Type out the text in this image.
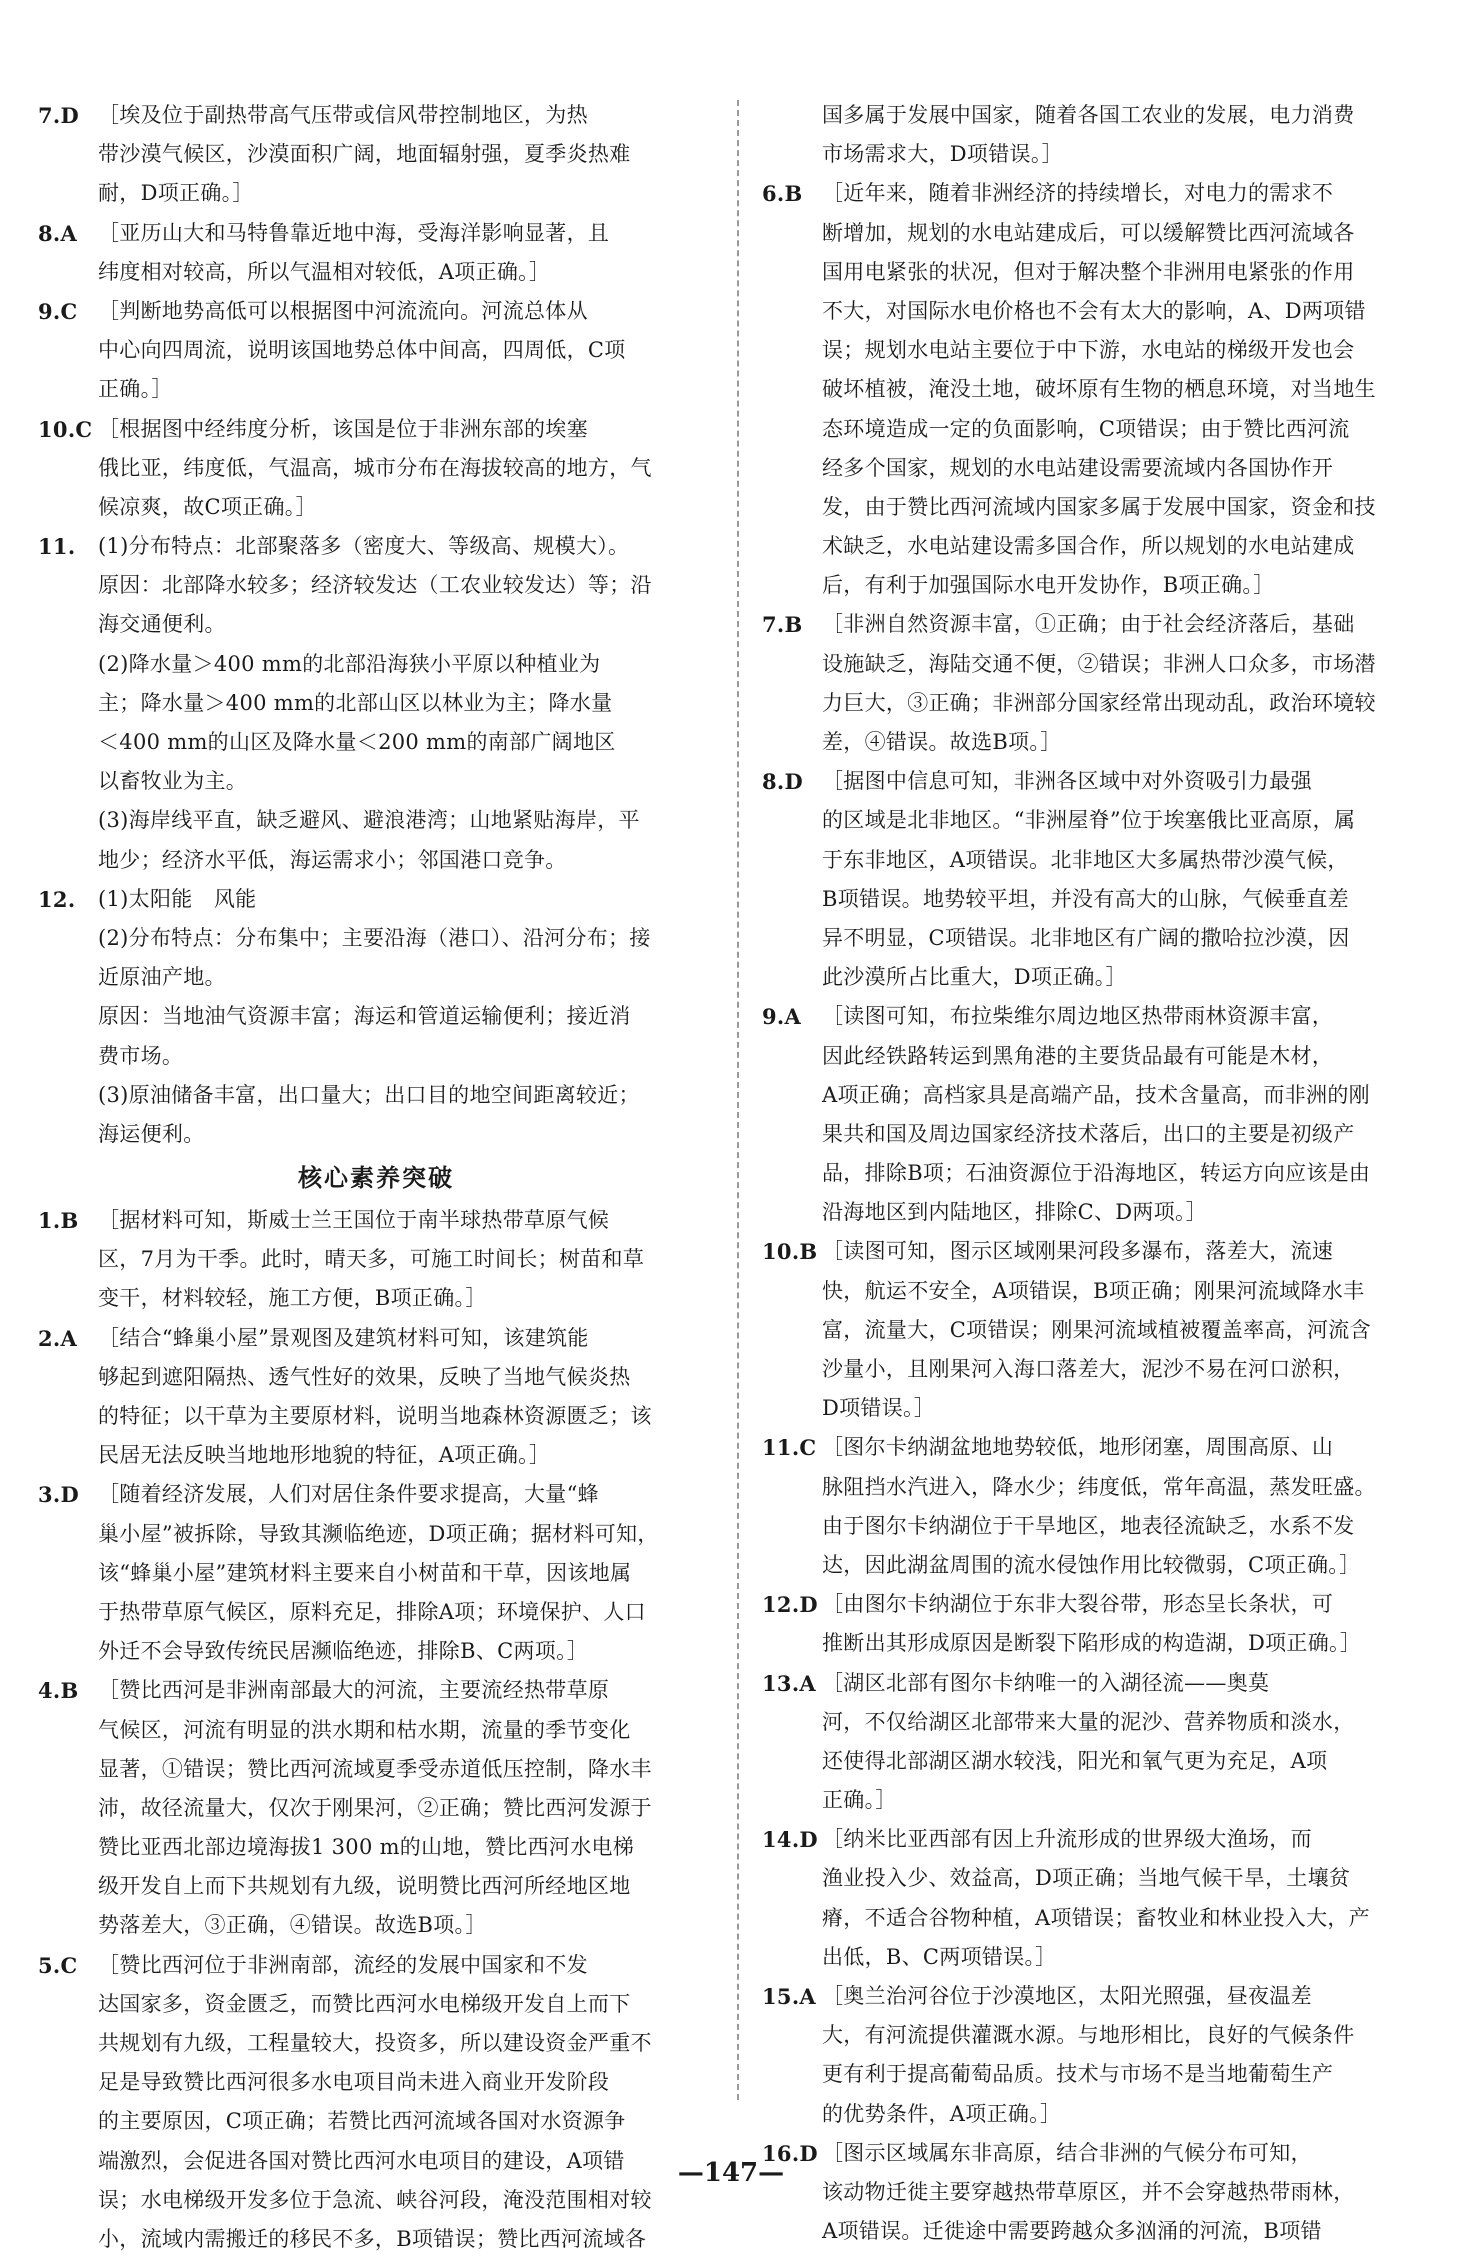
7.D ［埃及位于副热带高气压带或信风带控制地区，为热
带沙漠气候区，沙漠面积广阔，地面辐射强，夏季炎热难
耐，D项正确。］
8.A ［亚历山大和马特鲁靠近地中海，受海洋影响显著，且
纬度相对较高，所以气温相对较低，A项正确。］
9.C ［判断地势高低可以根据图中河流流向。河流总体从
中心向四周流，说明该国地势总体中间高，四周低，C项
正确。］
10.C ［根据图中经纬度分析，该国是位于非洲东部的埃塞
俄比亚，纬度低，气温高，城市分布在海拔较高的地方，气
候凉爽，故C项正确。］
11. (1)分布特点：北部聚落多（密度大、等级高、规模大）。
原因：北部降水较多；经济较发达（工农业较发达）等；沿
海交通便利。
(2)降水量＞400 mm的北部沿海狭小平原以种植业为
主；降水量＞400 mm的北部山区以林业为主；降水量
＜400 mm的山区及降水量＜200 mm的南部广阔地区
以畜牧业为主。
(3)海岸线平直，缺乏避风、避浪港湾；山地紧贴海岸，平
地少；经济水平低，海运需求小；邻国港口竞争。
12. (1)太阳能　风能
(2)分布特点：分布集中；主要沿海（港口）、沿河分布；接
近原油产地。
原因：当地油气资源丰富；海运和管道运输便利；接近消
费市场。
(3)原油储备丰富，出口量大；出口目的地空间距离较近；
海运便利。
核心素养突破
1.B ［据材料可知，斯威士兰王国位于南半球热带草原气候
区，7月为干季。此时，晴天多，可施工时间长；树苗和草
变干，材料较轻，施工方便，B项正确。］
2.A ［结合“蜂巢小屋”景观图及建筑材料可知，该建筑能
够起到遮阳隔热、透气性好的效果，反映了当地气候炎热
的特征；以干草为主要原材料，说明当地森林资源匮乏；该
民居无法反映当地地形地貌的特征，A项正确。］
3.D ［随着经济发展，人们对居住条件要求提高，大量“蜂
巢小屋”被拆除，导致其濒临绝迹，D项正确；据材料可知，
该“蜂巢小屋”建筑材料主要来自小树苗和干草，因该地属
于热带草原气候区，原料充足，排除A项；环境保护、人口
外迁不会导致传统民居濒临绝迹，排除B、C两项。］
4.B ［赞比西河是非洲南部最大的河流，主要流经热带草原
气候区，河流有明显的洪水期和枯水期，流量的季节变化
显著，①错误；赞比西河流域夏季受赤道低压控制，降水丰
沛，故径流量大，仅次于刚果河，②正确；赞比西河发源于
赞比亚西北部边境海拔1 300 m的山地，赞比西河水电梯
级开发自上而下共规划有九级，说明赞比西河所经地区地
势落差大，③正确，④错误。故选B项。］
5.C ［赞比西河位于非洲南部，流经的发展中国家和不发
达国家多，资金匮乏，而赞比西河水电梯级开发自上而下
共规划有九级，工程量较大，投资多，所以建设资金严重不
足是导致赞比西河很多水电项目尚未进入商业开发阶段
的主要原因，C项正确；若赞比西河流域各国对水资源争
端激烈，会促进各国对赞比西河水电项目的建设，A项错
误；水电梯级开发多位于急流、峡谷河段，淹没范围相对较
小，流域内需搬迁的移民不多，B项错误；赞比西河流域各
国多属于发展中国家，随着各国工农业的发展，电力消费
市场需求大，D项错误。］
6.B ［近年来，随着非洲经济的持续增长，对电力的需求不
断增加，规划的水电站建成后，可以缓解赞比西河流域各
国用电紧张的状况，但对于解决整个非洲用电紧张的作用
不大，对国际水电价格也不会有太大的影响，A、D两项错
误；规划水电站主要位于中下游，水电站的梯级开发也会
破坏植被，淹没土地，破坏原有生物的栖息环境，对当地生
态环境造成一定的负面影响，C项错误；由于赞比西河流
经多个国家，规划的水电站建设需要流域内各国协作开
发，由于赞比西河流域内国家多属于发展中国家，资金和技
术缺乏，水电站建设需多国合作，所以规划的水电站建成
后，有利于加强国际水电开发协作，B项正确。］
7.B ［非洲自然资源丰富，①正确；由于社会经济落后，基础
设施缺乏，海陆交通不便，②错误；非洲人口众多，市场潜
力巨大，③正确；非洲部分国家经常出现动乱，政治环境较
差，④错误。故选B项。］
8.D ［据图中信息可知，非洲各区域中对外资吸引力最强
的区域是北非地区。“非洲屋脊”位于埃塞俄比亚高原，属
于东非地区，A项错误。北非地区大多属热带沙漠气候，
B项错误。地势较平坦，并没有高大的山脉，气候垂直差
异不明显，C项错误。北非地区有广阔的撒哈拉沙漠，因
此沙漠所占比重大，D项正确。］
9.A ［读图可知，布拉柴维尔周边地区热带雨林资源丰富，
因此经铁路转运到黑角港的主要货品最有可能是木材，
A项正确；高档家具是高端产品，技术含量高，而非洲的刚
果共和国及周边国家经济技术落后，出口的主要是初级产
品，排除B项；石油资源位于沿海地区，转运方向应该是由
沿海地区到内陆地区，排除C、D两项。］
10.B ［读图可知，图示区域刚果河段多瀑布，落差大，流速
快，航运不安全，A项错误，B项正确；刚果河流域降水丰
富，流量大，C项错误；刚果河流域植被覆盖率高，河流含
沙量小，且刚果河入海口落差大，泥沙不易在河口淤积，
D项错误。］
11.C ［图尔卡纳湖盆地地势较低，地形闭塞，周围高原、山
脉阻挡水汽进入，降水少；纬度低，常年高温，蒸发旺盛。
由于图尔卡纳湖位于干旱地区，地表径流缺乏，水系不发
达，因此湖盆周围的流水侵蚀作用比较微弱，C项正确。］
12.D ［由图尔卡纳湖位于东非大裂谷带，形态呈长条状，可
推断出其形成原因是断裂下陷形成的构造湖，D项正确。］
13.A ［湖区北部有图尔卡纳唯一的入湖径流——奥莫
河，不仅给湖区北部带来大量的泥沙、营养物质和淡水，
还使得北部湖区湖水较浅，阳光和氧气更为充足，A项
正确。］
14.D ［纳米比亚西部有因上升流形成的世界级大渔场，而
渔业投入少、效益高，D项正确；当地气候干旱，土壤贫
瘠，不适合谷物种植，A项错误；畜牧业和林业投入大，产
出低，B、C两项错误。］
15.A ［奥兰治河谷位于沙漠地区，太阳光照强，昼夜温差
大，有河流提供灌溉水源。与地形相比，良好的气候条件
更有利于提高葡萄品质。技术与市场不是当地葡萄生产
的优势条件，A项正确。］
16.D ［图示区域属东非高原，结合非洲的气候分布可知，
该动物迁徙主要穿越热带草原区，并不会穿越热带雨林，
A项错误。迁徙途中需要跨越众多汹涌的河流，B项错
—147—
